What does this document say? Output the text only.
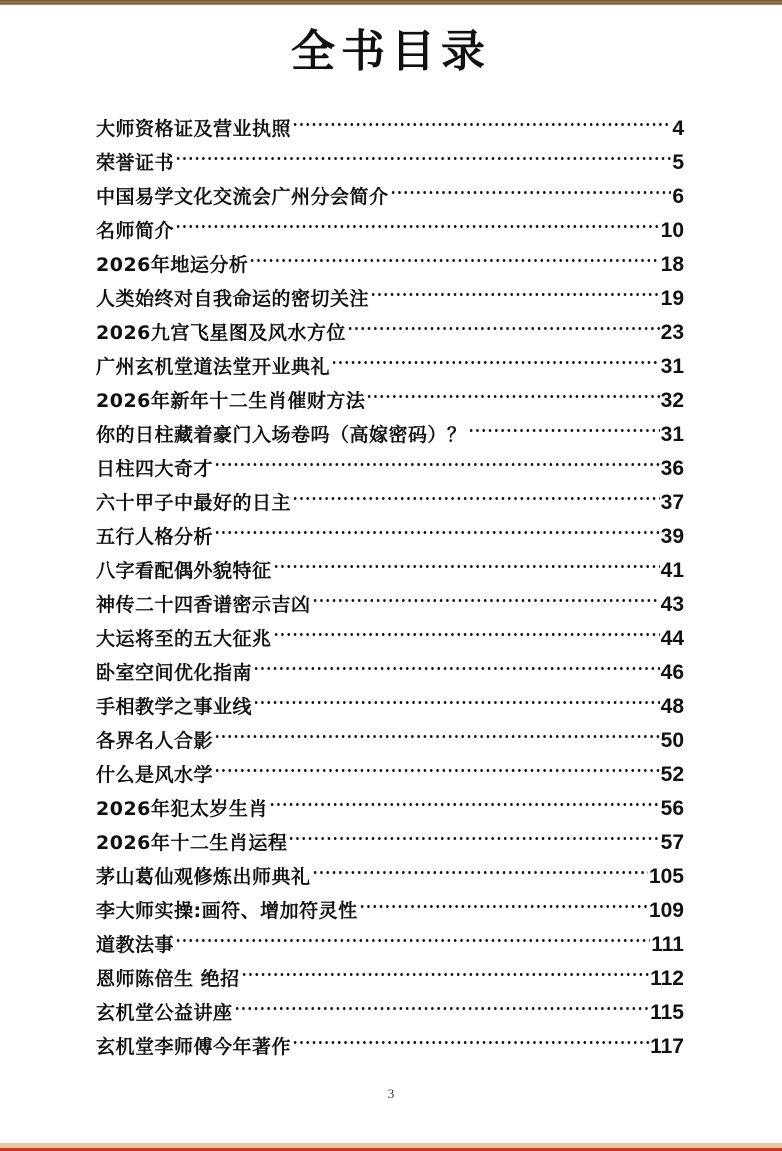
全书目录
大师资格证及营业执照	4
荣誉证书	5
中国易学文化交流会广州分会简介	6
名师简介	10
2026年地运分析	18
人类始终对自我命运的密切关注	19
2026九宫飞星图及风水方位	23
广州玄机堂道法堂开业典礼	31
2026年新年十二生肖催财方法	32
你的日柱藏着豪门入场卷吗（高嫁密码）？	31
日柱四大奇才	36
六十甲子中最好的日主	37
五行人格分析	39
八字看配偶外貌特征	41
神传二十四香谱密示吉凶	43
大运将至的五大征兆	44
卧室空间优化指南	46
手相教学之事业线	48
各界名人合影	50
什么是风水学	52
2026年犯太岁生肖	56
2026年十二生肖运程	57
茅山葛仙观修炼出师典礼	105
李大师实操:画符、增加符灵性	109
道教法事	111
恩师陈倍生 绝招	112
玄机堂公益讲座	115
玄机堂李师傅今年著作	117
3
